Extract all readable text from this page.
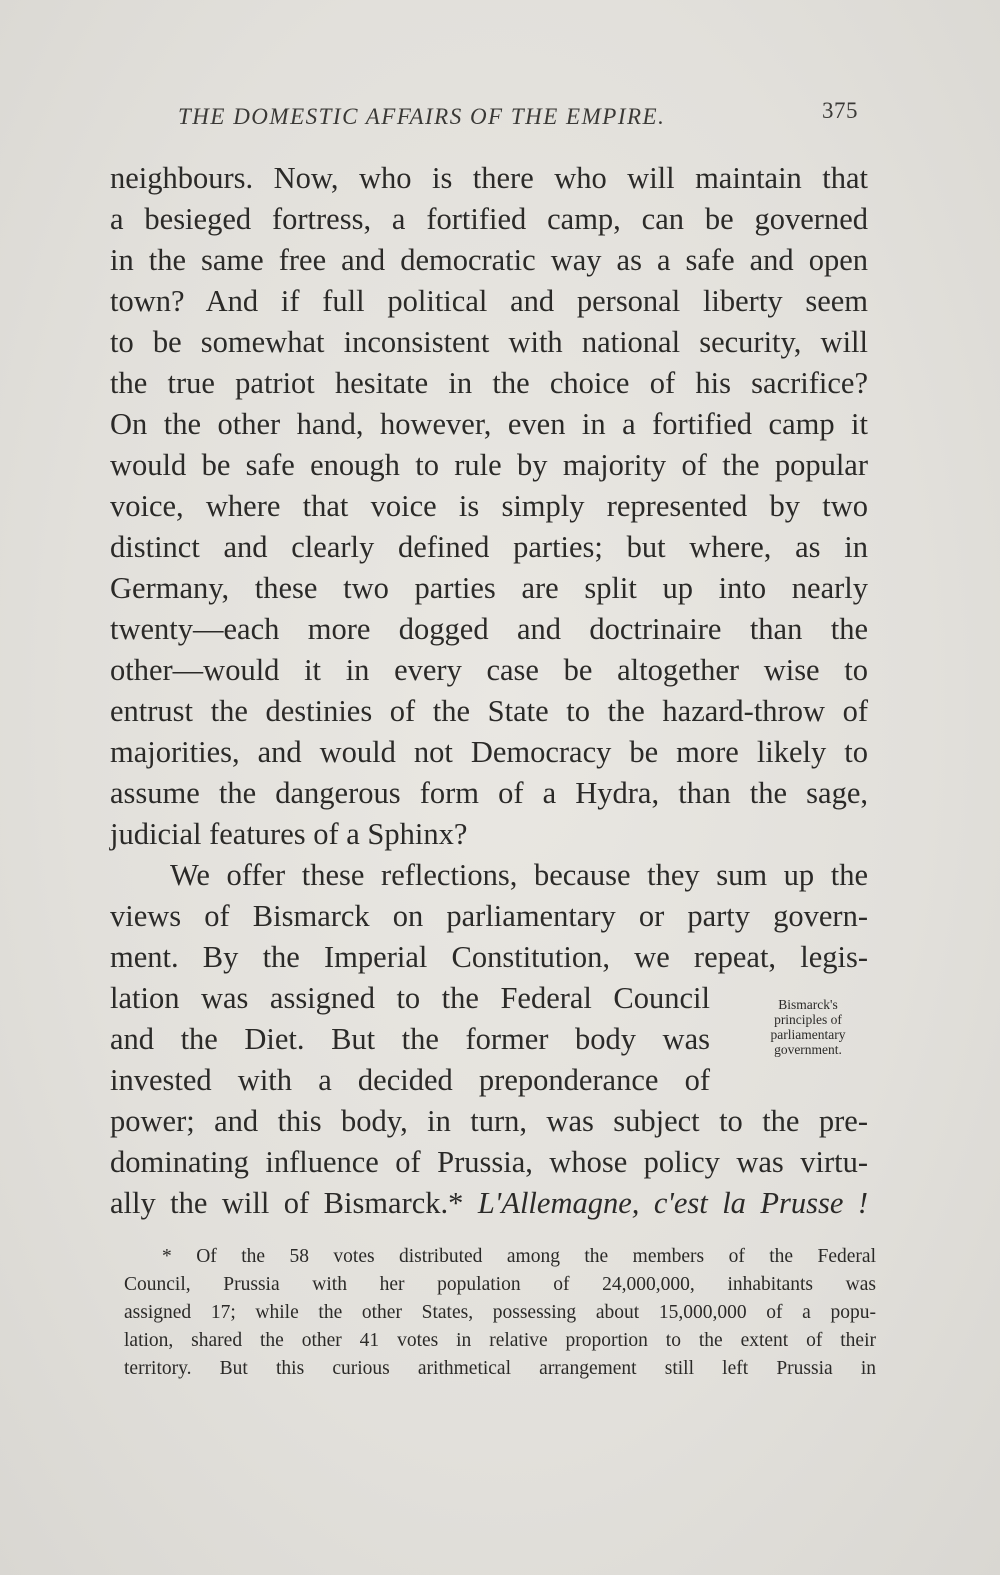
THE DOMESTIC AFFAIRS OF THE EMPIRE.	375
neighbours. Now, who is there who will maintain that
a besieged fortress, a fortified camp, can be governed
in the same free and democratic way as a safe and open
town? And if full political and personal liberty seem
to be somewhat inconsistent with national security, will
the true patriot hesitate in the choice of his sacrifice?
On the other hand, however, even in a fortified camp it
would be safe enough to rule by majority of the popular
voice, where that voice is simply represented by two
distinct and clearly defined parties; but where, as in
Germany, these two parties are split up into nearly
twenty—each more dogged and doctrinaire than the
other—would it in every case be altogether wise to
entrust the destinies of the State to the hazard-throw of
majorities, and would not Democracy be more likely to
assume the dangerous form of a Hydra, than the sage,
judicial features of a Sphinx?
We offer these reflections, because they sum up the
views of Bismarck on parliamentary or party govern-
ment. By the Imperial Constitution, we repeat, legis-
lation was assigned to the Federal Council
and the Diet. But the former body was
invested with a decided preponderance of
power; and this body, in turn, was subject to the pre-
dominating influence of Prussia, whose policy was virtu-
ally the will of Bismarck.* L'Allemagne, c'est la Prusse !
Bismarck's
principles of
parliamentary
government.
* Of the 58 votes distributed among the members of the Federal
Council, Prussia with her population of 24,000,000, inhabitants was
assigned 17; while the other States, possessing about 15,000,000 of a popu-
lation, shared the other 41 votes in relative proportion to the extent of their
territory. But this curious arithmetical arrangement still left Prussia in
